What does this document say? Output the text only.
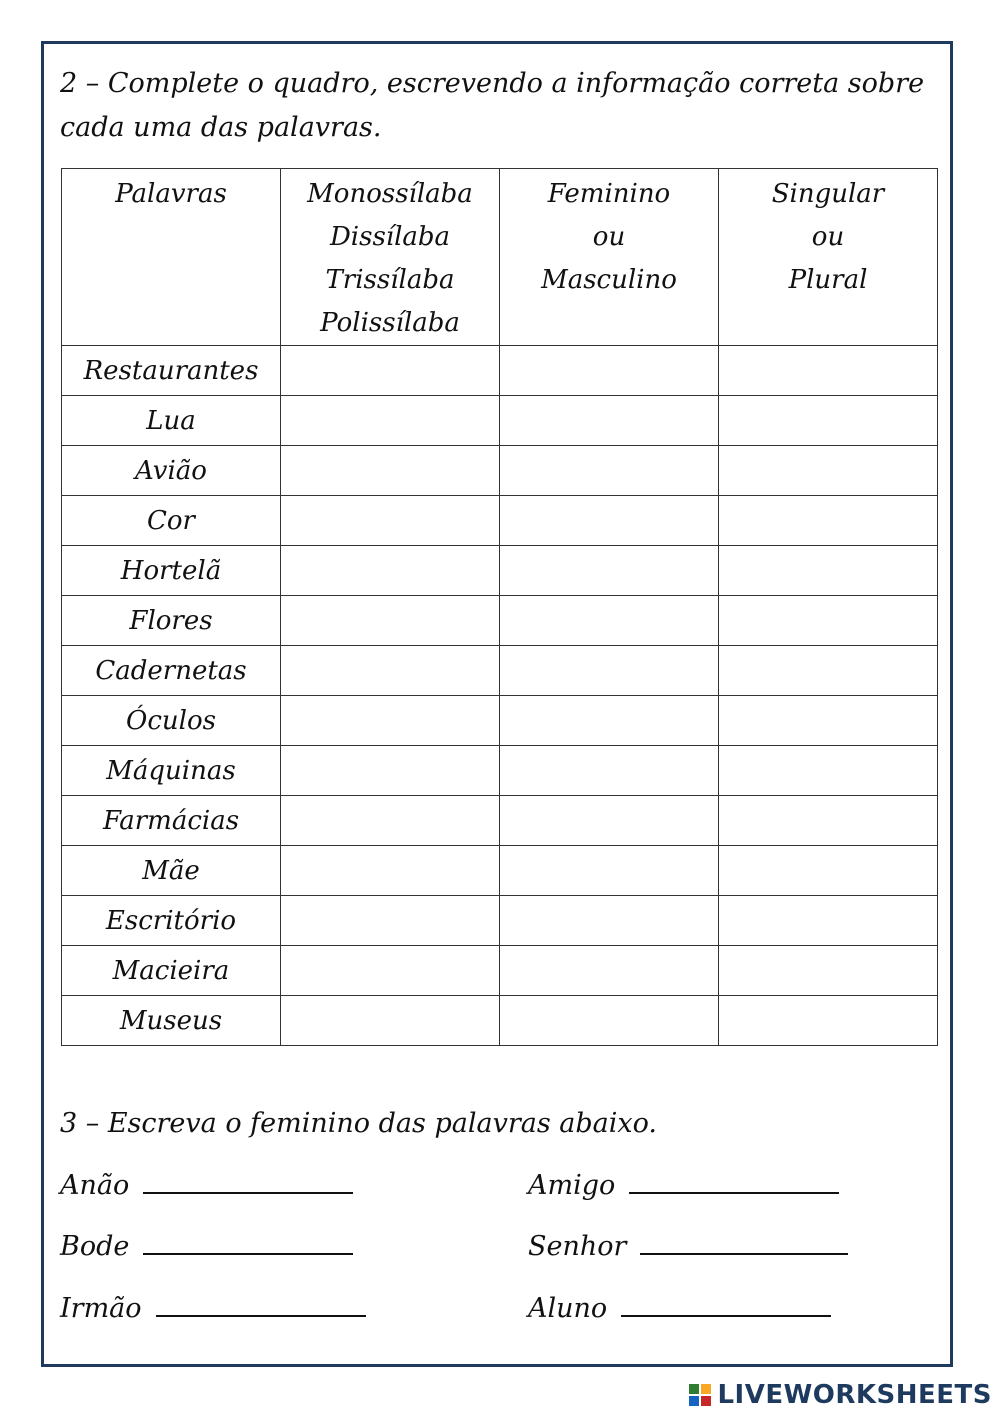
2 – Complete o quadro, escrevendo a informação correta sobre cada uma das palavras.

Palavras	Monossílaba
Dissílaba
Trissílaba
Polissílaba	Feminino
ou
Masculino	Singular
ou
Plural

Restaurantes			
Lua			
Avião			
Cor			
Hortelã			
Flores			
Cadernetas			
Óculos			
Máquinas			
Farmácias			
Mãe			
Escritório			
Macieira			
Museus			

3 – Escreva o feminino das palavras abaixo.

Anão	Amigo
Bode	Senhor
Irmão	Aluno
LIVEWORKSHEETS
